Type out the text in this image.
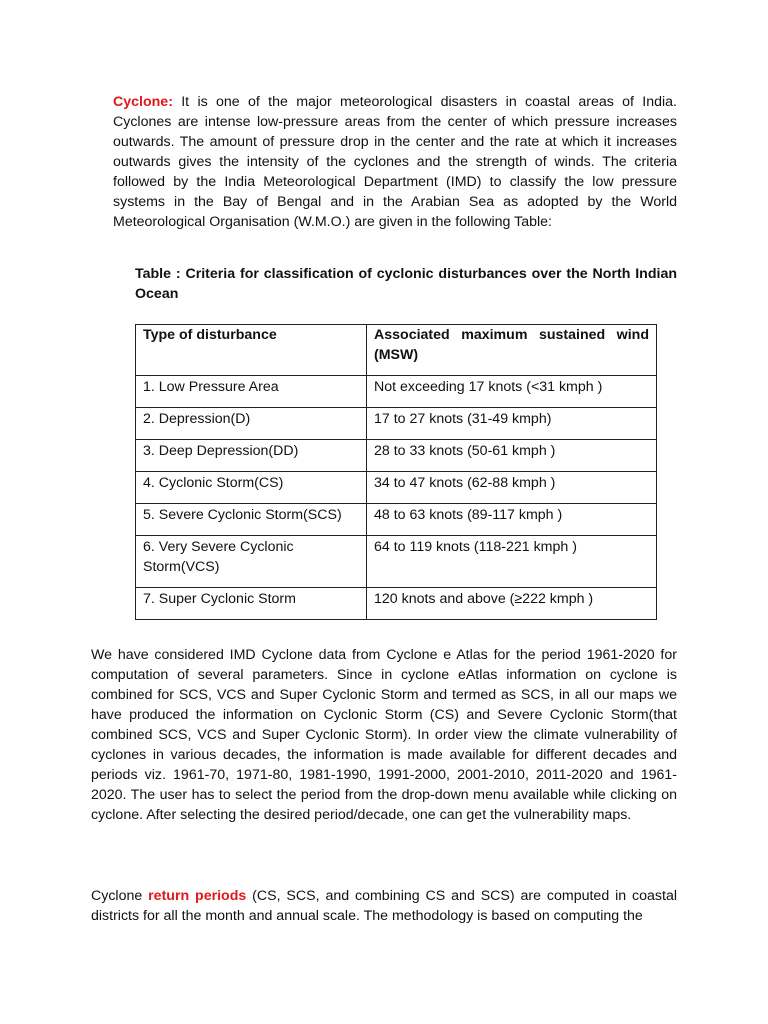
Cyclone: It is one of the major meteorological disasters in coastal areas of India. Cyclones are intense low-pressure areas from the center of which pressure increases outwards. The amount of pressure drop in the center and the rate at which it increases outwards gives the intensity of the cyclones and the strength of winds. The criteria followed by the India Meteorological Department (IMD) to classify the low pressure systems in the Bay of Bengal and in the Arabian Sea as adopted by the World Meteorological Organisation (W.M.O.) are given in the following Table:

Table : Criteria for classification of cyclonic disturbances over the North Indian Ocean

Type of disturbance	Associated maximum sustained wind (MSW)
1. Low Pressure Area	Not exceeding 17 knots (<31 kmph )
2. Depression(D)	17 to 27 knots (31-49 kmph)
3. Deep Depression(DD)	28 to 33 knots (50-61 kmph )
4. Cyclonic Storm(CS)	34 to 47 knots (62-88 kmph )
5. Severe Cyclonic Storm(SCS)	48 to 63 knots (89-117 kmph )
6. Very Severe Cyclonic Storm(VCS)	64 to 119 knots (118-221 kmph )
7. Super Cyclonic Storm	120 knots and above (≥222 kmph )

We have considered IMD Cyclone data from Cyclone e Atlas for the period 1961-2020 for computation of several parameters. Since in cyclone eAtlas information on cyclone is combined for SCS, VCS and Super Cyclonic Storm and termed as SCS, in all our maps we have produced the information on Cyclonic Storm (CS) and Severe Cyclonic Storm(that combined SCS, VCS and Super Cyclonic Storm). In order view the climate vulnerability of cyclones in various decades, the information is made available for different decades and periods viz. 1961-70, 1971-80, 1981-1990, 1991-2000, 2001-2010, 2011-2020 and 1961-2020. The user has to select the period from the drop-down menu available while clicking on cyclone. After selecting the desired period/decade, one can get the vulnerability maps.

Cyclone return periods (CS, SCS, and combining CS and SCS) are computed in coastal districts for all the month and annual scale. The methodology is based on computing the
